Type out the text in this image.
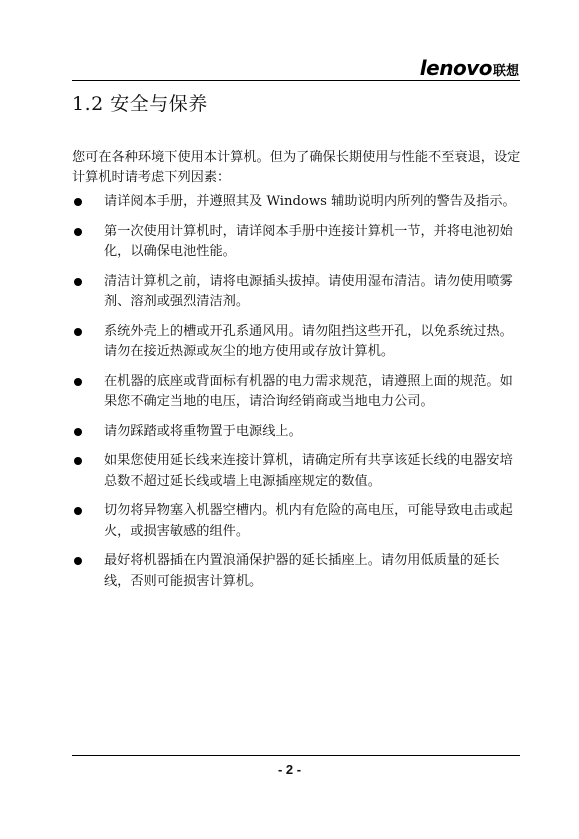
lenovo 联想
1.2 安全与保养

您可在各种环境下使用本计算机。但为了确保长期使用与性能不至衰退，设定计算机时请考虑下列因素：

请详阅本手册，并遵照其及 Windows 辅助说明内所列的警告及指示。
第一次使用计算机时，请详阅本手册中连接计算机一节，并将电池初始化，以确保电池性能。
清洁计算机之前，请将电源插头拔掉。请使用湿布清洁。请勿使用喷雾剂、溶剂或强烈清洁剂。
系统外壳上的槽或开孔系通风用。请勿阻挡这些开孔，以免系统过热。请勿在接近热源或灰尘的地方使用或存放计算机。
在机器的底座或背面标有机器的电力需求规范，请遵照上面的规范。如果您不确定当地的电压，请洽询经销商或当地电力公司。
请勿踩踏或将重物置于电源线上。
如果您使用延长线来连接计算机，请确定所有共享该延长线的电器安培总数不超过延长线或墙上电源插座规定的数值。
切勿将异物塞入机器空槽内。机内有危险的高电压，可能导致电击或起火，或损害敏感的组件。
最好将机器插在内置浪涌保护器的延长插座上。请勿用低质量的延长线，否则可能损害计算机。
- 2 -
